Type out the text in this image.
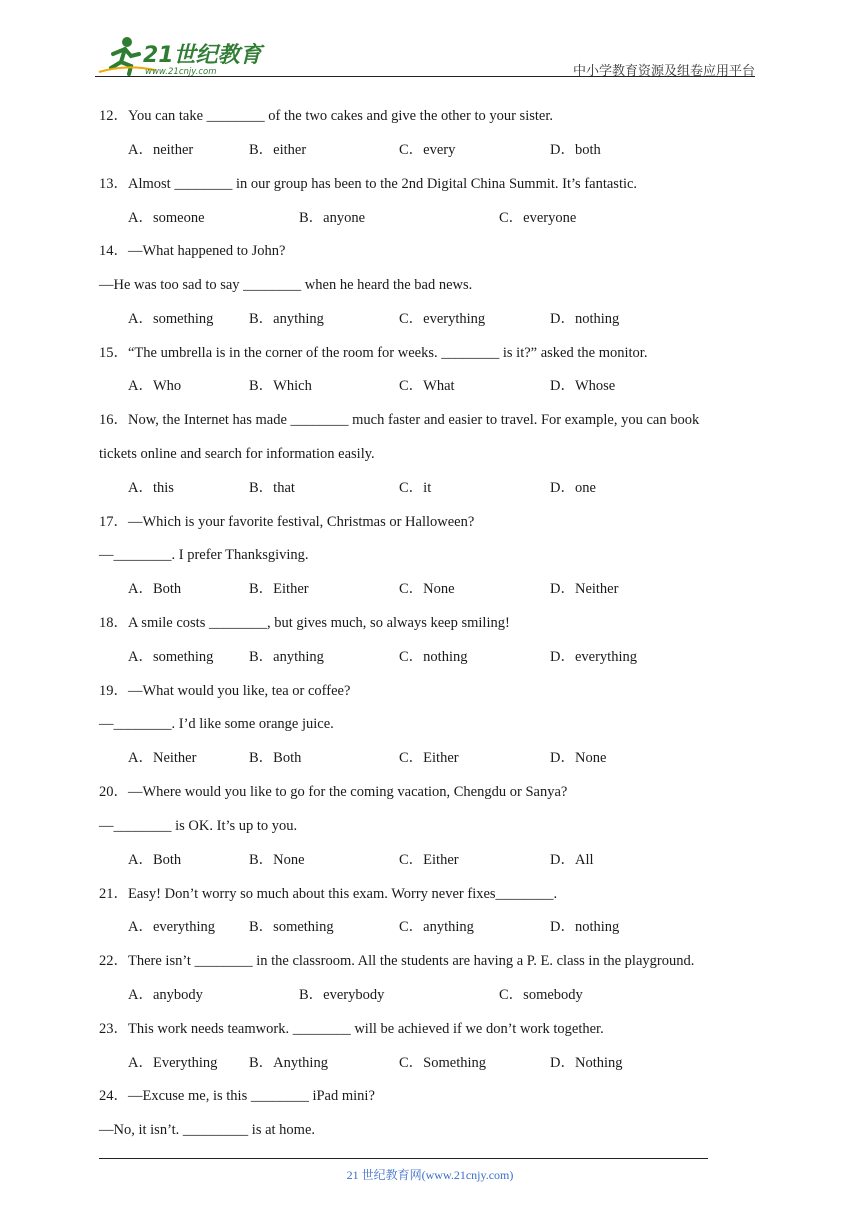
21世纪教育
www.21cnjy.com	中小学教育资源及组卷应用平台
12．You can take ________ of the two cakes and give the other to your sister.
A．neither	B．either	C．every	D．both
13．Almost ________ in our group has been to the 2nd Digital China Summit. It’s fantastic.
A．someone	B．anyone	C．everyone
14．—What happened to John?
—He was too sad to say ________ when he heard the bad news.
A．something B．anything	C．everything	D．nothing
15．“The umbrella is in the corner of the room for weeks. ________ is it?” asked the monitor.
A．Who	B．Which	C．What	D．Whose
16．Now, the Internet has made ________ much faster and easier to travel. For example, you can book
tickets online and search for information easily.
A．this	B．that	C．it	D．one
17．—Which is your favorite festival, Christmas or Halloween?
—________. I prefer Thanksgiving.
A．Both	B．Either	C．None	D．Neither
18．A smile costs ________, but gives much, so always keep smiling!
A．something B．anything	C．nothing	D．everything
19．—What would you like, tea or coffee?
—________. I’d like some orange juice.
A．Neither	B．Both	C．Either	D．None
20．—Where would you like to go for the coming vacation, Chengdu or Sanya?
—________ is OK. It’s up to you.
A．Both	B．None	C．Either	D．All
21．Easy! Don’t worry so much about this exam. Worry never fixes________.
A．everything B．something	C．anything	D．nothing
22．There isn’t ________ in the classroom. All the students are having a P. E. class in the playground.
A．anybody	B．everybody	C．somebody
23．This work needs teamwork. ________ will be achieved if we don’t work together.
A．Everything B．Anything	C．Something	D．Nothing
24．—Excuse me, is this ________ iPad mini?
—No, it isn’t. _________ is at home.
21 世纪教育网(www.21cnjy.com)
